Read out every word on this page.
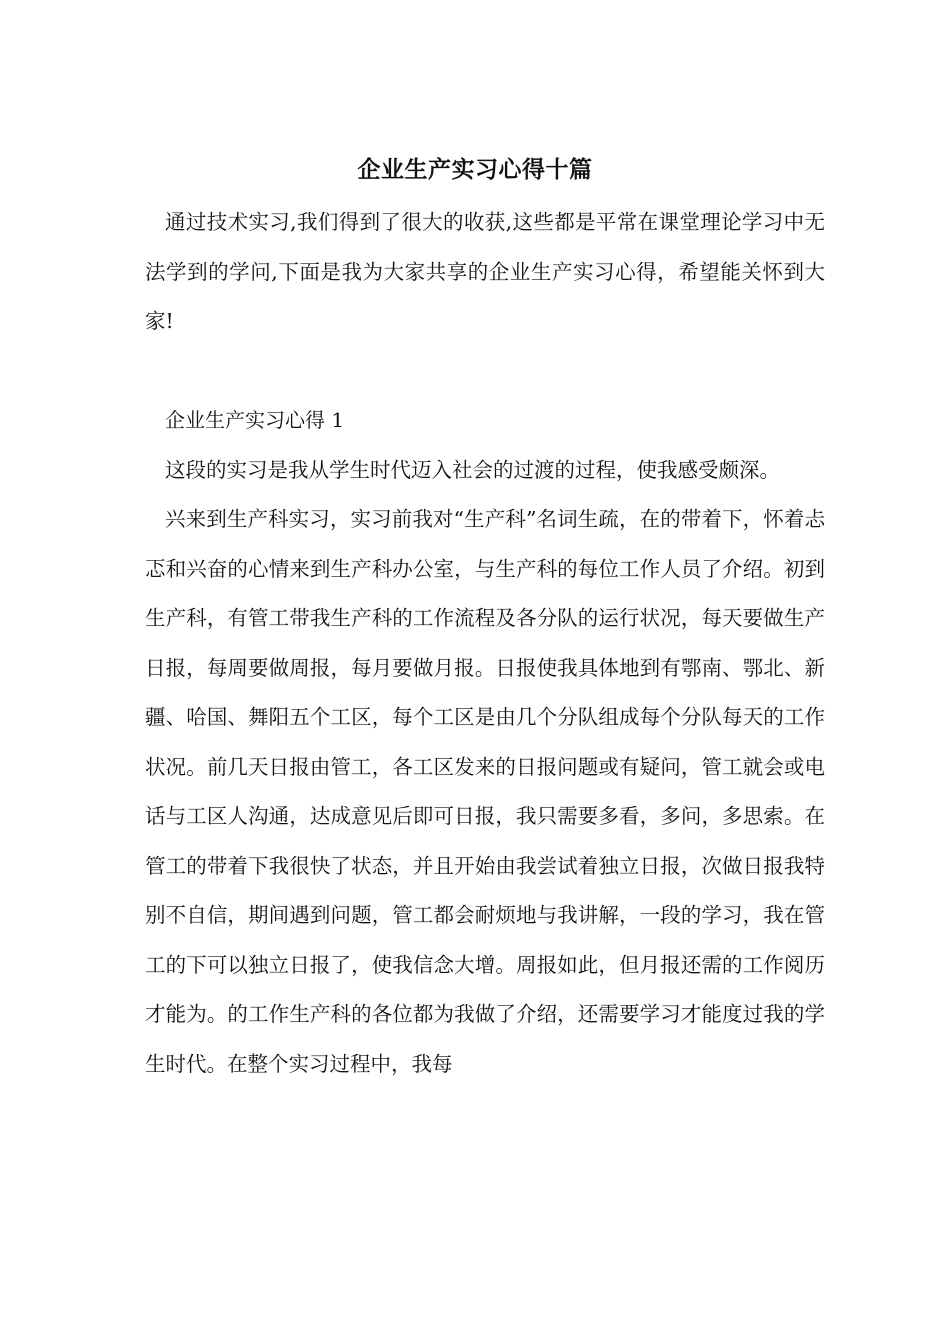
企业生产实习心得十篇

通过技术实习,我们得到了很大的收获,这些都是平常在课堂理论学习中无法学到的学问,下面是我为大家共享的企业生产实习心得，希望能关怀到大家!

企业生产实习心得 1

这段的实习是我从学生时代迈入社会的过渡的过程，使我感受颇深。

兴来到生产科实习，实习前我对“生产科”名词生疏，在的带着下，怀着忐忑和兴奋的心情来到生产科办公室，与生产科的每位工作人员了介绍。初到生产科，有管工带我生产科的工作流程及各分队的运行状况，每天要做生产日报，每周要做周报，每月要做月报。日报使我具体地到有鄂南、鄂北、新疆、哈国、舞阳五个工区，每个工区是由几个分队组成每个分队每天的工作状况。前几天日报由管工，各工区发来的日报问题或有疑问，管工就会或电话与工区人沟通，达成意见后即可日报，我只需要多看，多问，多思索。在管工的带着下我很快了状态，并且开始由我尝试着独立日报，次做日报我特别不自信，期间遇到问题，管工都会耐烦地与我讲解，一段的学习，我在管工的下可以独立日报了，使我信念大增。周报如此，但月报还需的工作阅历才能为。的工作生产科的各位都为我做了介绍，还需要学习才能度过我的学生时代。在整个实习过程中，我每
